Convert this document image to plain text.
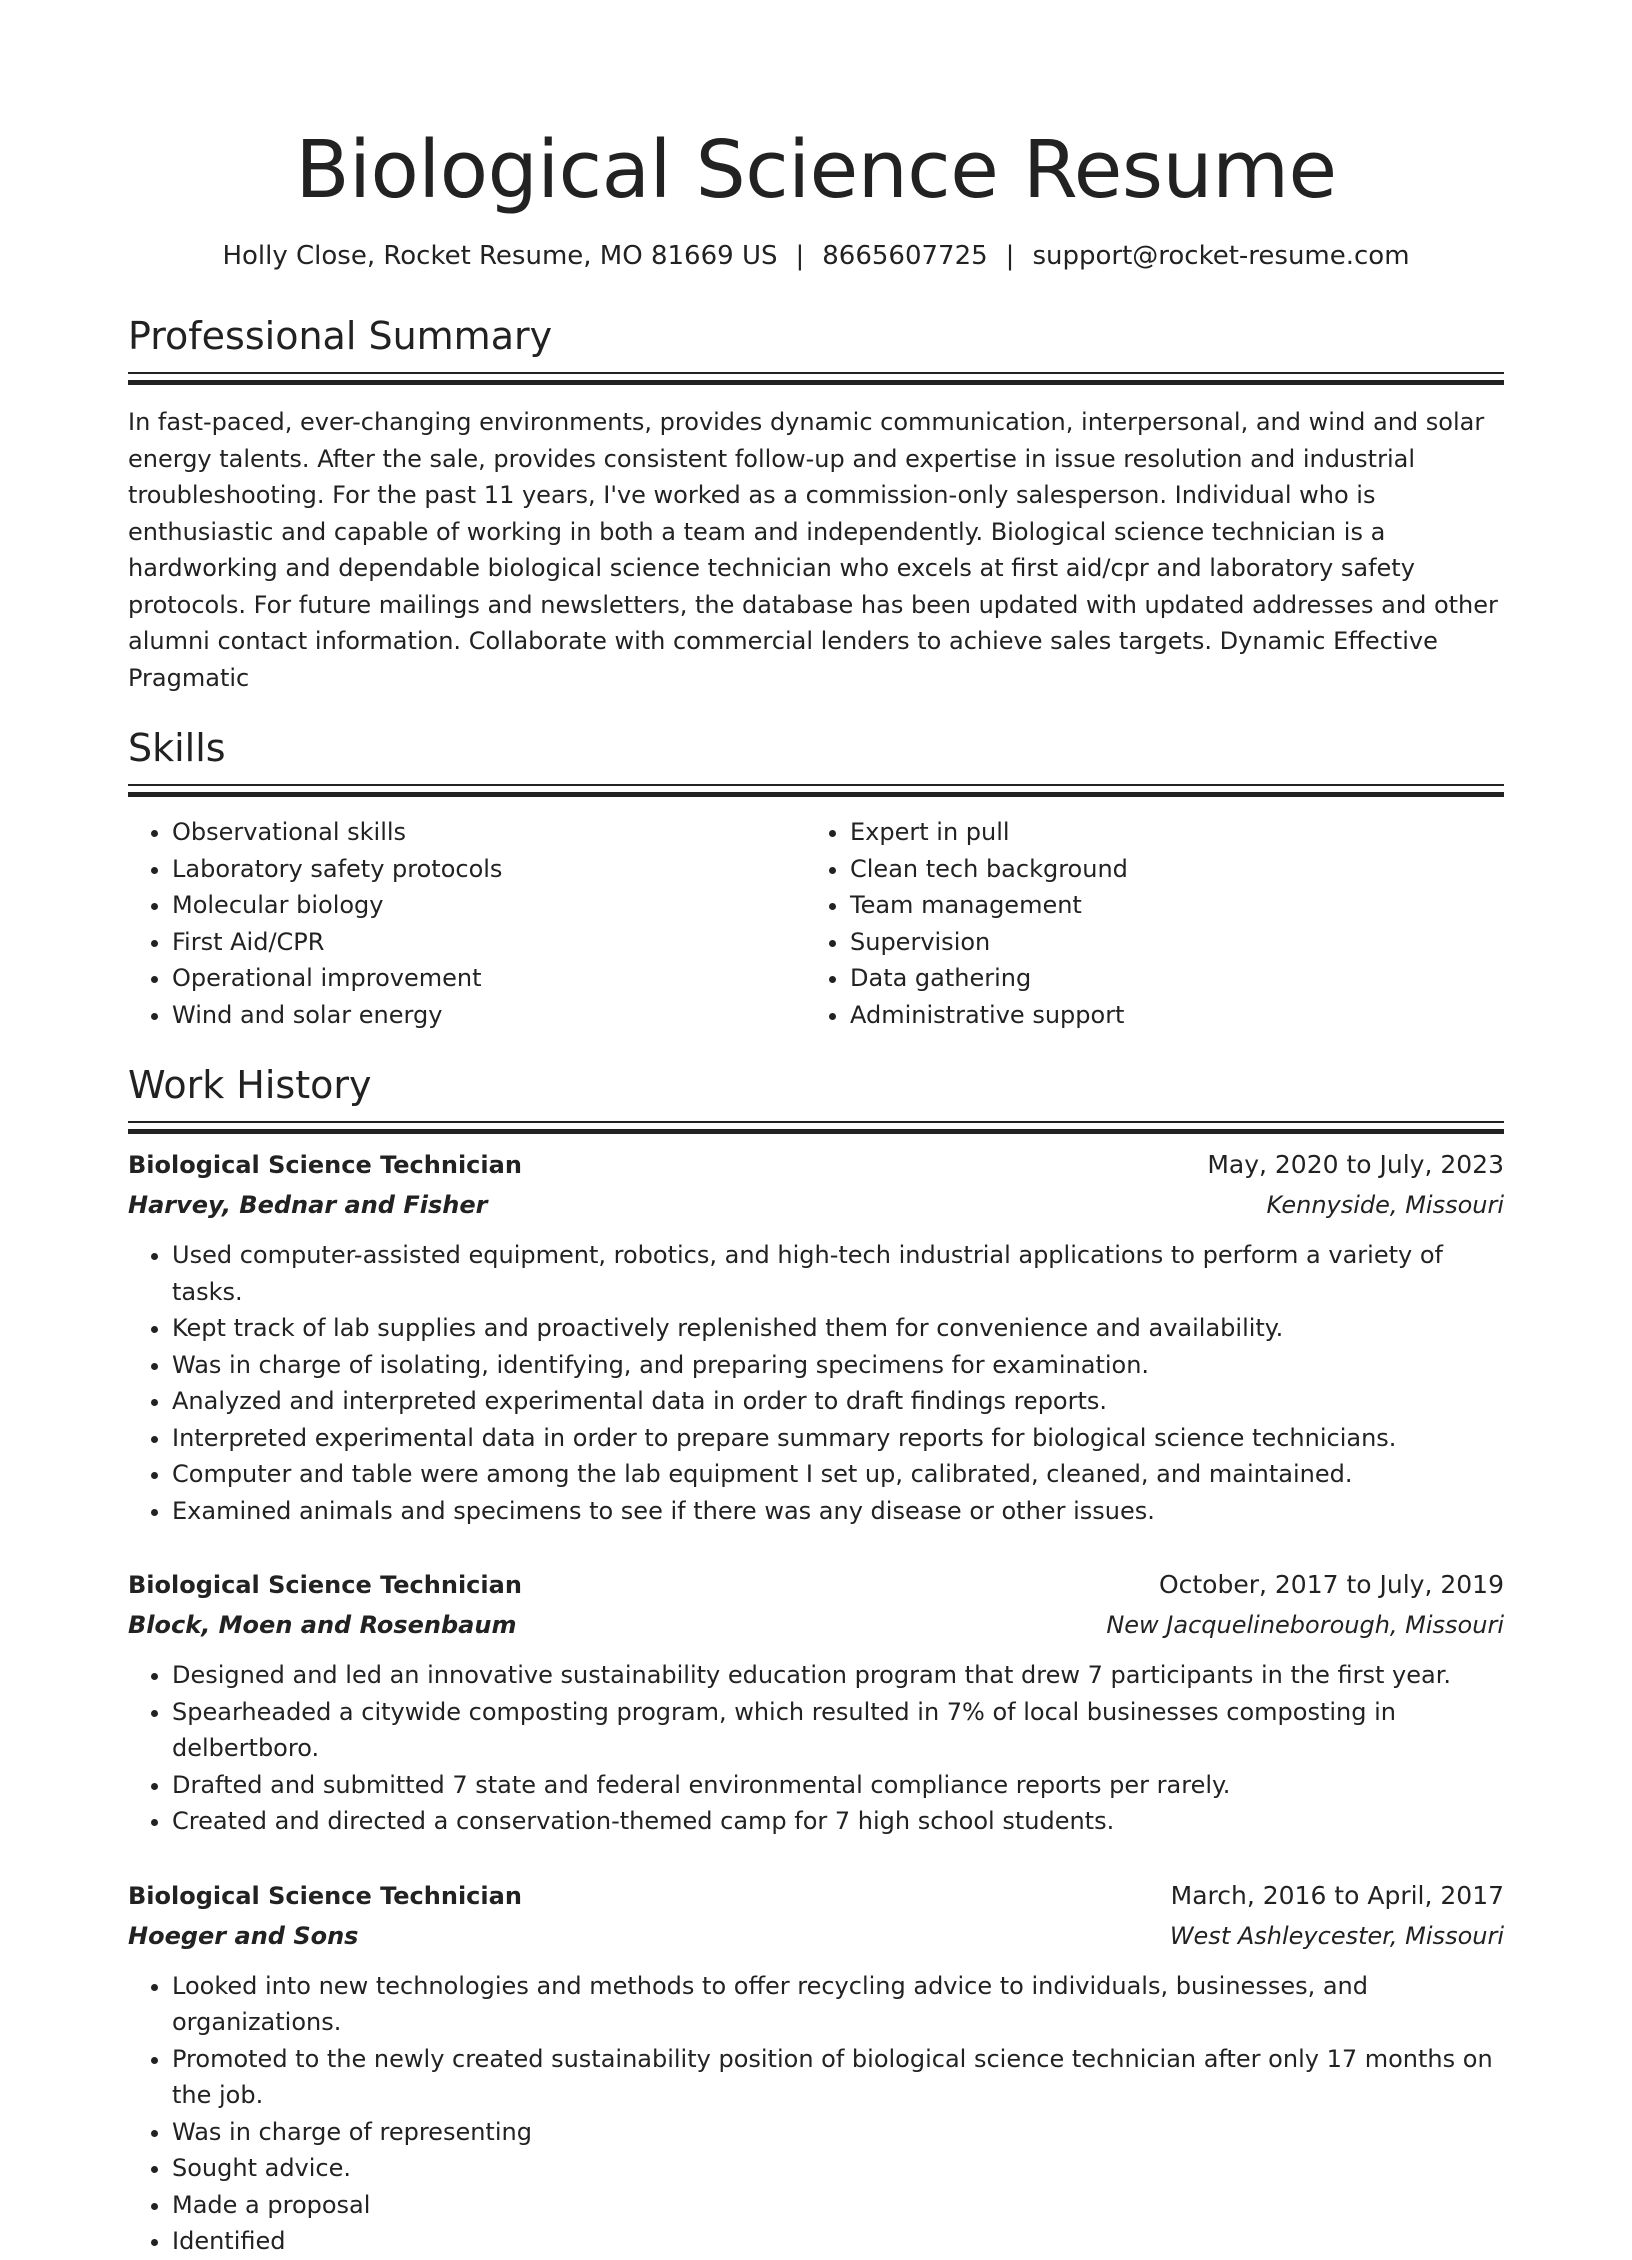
Biological Science Resume
Holly Close, Rocket Resume, MO 81669 US | 8665607725 | support@rocket-resume.com
Professional Summary

In fast-paced, ever-changing environments, provides dynamic communication, interpersonal, and wind and solar energy talents. After the sale, provides consistent follow-up and expertise in issue resolution and industrial troubleshooting. For the past 11 years, I've worked as a commission-only salesperson. Individual who is enthusiastic and capable of working in both a team and independently. Biological science technician is a hardworking and dependable biological science technician who excels at first aid/cpr and laboratory safety protocols. For future mailings and newsletters, the database has been updated with updated addresses and other alumni contact information. Collaborate with commercial lenders to achieve sales targets. Dynamic Effective Pragmatic

Skills
• Observational skills
• Laboratory safety protocols
• Molecular biology
• First Aid/CPR
• Operational improvement
• Wind and solar energy
• Expert in pull
• Clean tech background
• Team management
• Supervision
• Data gathering
• Administrative support
Work History
Biological Science Technician	May, 2020 to July, 2023
Harvey, Bednar and Fisher	Kennyside, Missouri
• Used computer-assisted equipment, robotics, and high-tech industrial applications to perform a variety of tasks.
• Kept track of lab supplies and proactively replenished them for convenience and availability.
• Was in charge of isolating, identifying, and preparing specimens for examination.
• Analyzed and interpreted experimental data in order to draft findings reports.
• Interpreted experimental data in order to prepare summary reports for biological science technicians.
• Computer and table were among the lab equipment I set up, calibrated, cleaned, and maintained.
• Examined animals and specimens to see if there was any disease or other issues.
Biological Science Technician	October, 2017 to July, 2019
Block, Moen and Rosenbaum	New Jacquelineborough, Missouri
• Designed and led an innovative sustainability education program that drew 7 participants in the first year.
• Spearheaded a citywide composting program, which resulted in 7% of local businesses composting in delbertboro.
• Drafted and submitted 7 state and federal environmental compliance reports per rarely.
• Created and directed a conservation-themed camp for 7 high school students.
Biological Science Technician	March, 2016 to April, 2017
Hoeger and Sons	West Ashleycester, Missouri
• Looked into new technologies and methods to offer recycling advice to individuals, businesses, and organizations.
• Promoted to the newly created sustainability position of biological science technician after only 17 months on the job.
• Was in charge of representing
• Sought advice.
• Made a proposal
• Identified
